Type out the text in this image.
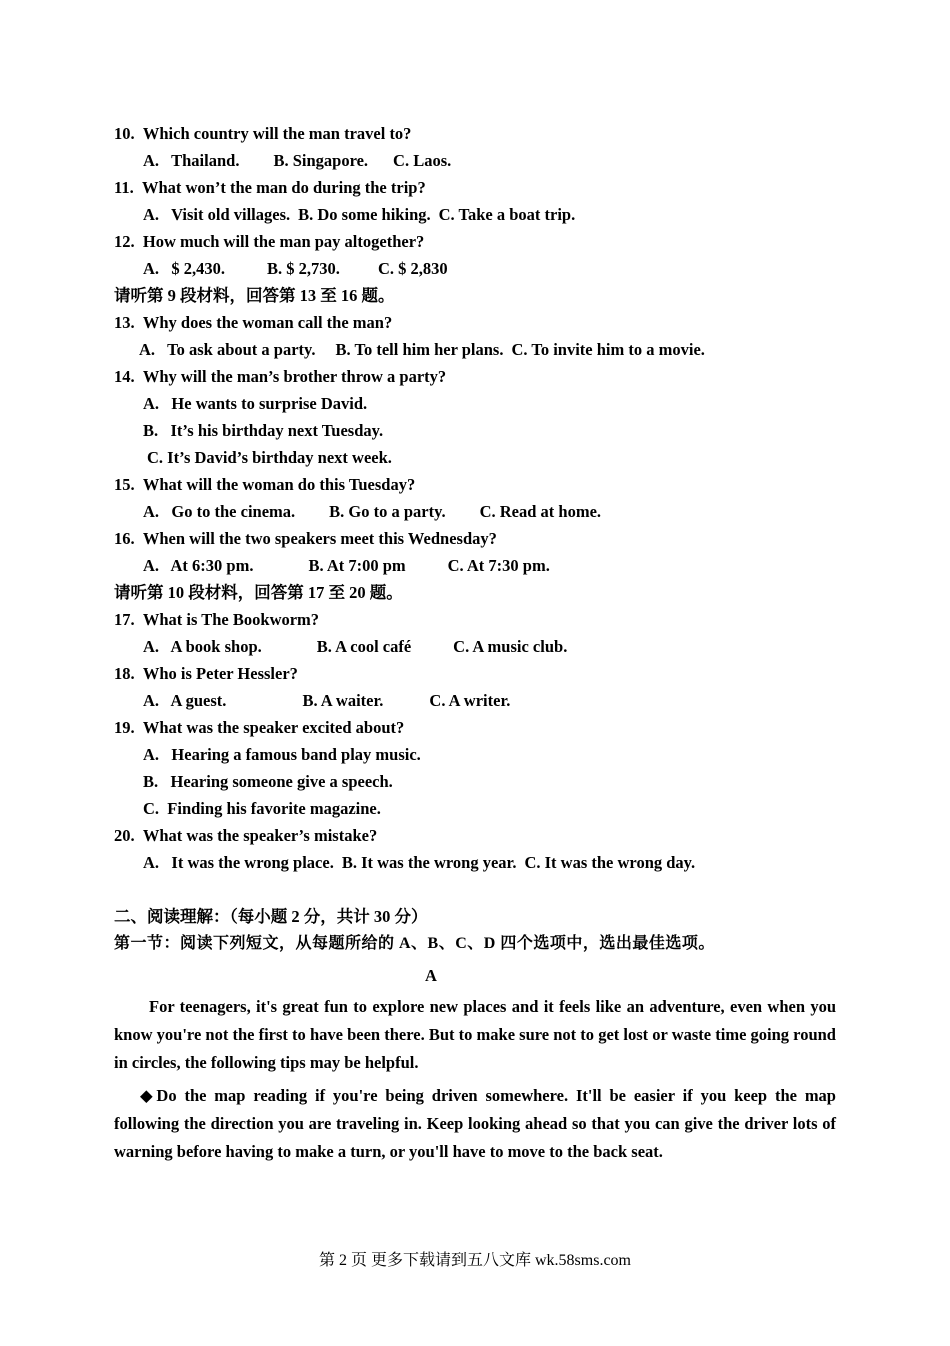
10. Which country will the man travel to?
A.   Thailand. B. Singapore. C. Laos.
11. What won’t the man do during the trip?
A.   Visit old villages. B. Do some hiking. C. Take a boat trip.
12. How much will the man pay altogether?
A.   $ 2,430.	B. $ 2,730. C. $ 2,830
请听第 9 段材料，回答第 13 至 16 题。
13. Why does the woman call the man?
A.   To ask about a party. B. To tell him her plans. C. To invite him to a movie.
14. Why will the man’s brother throw a party?
A.   He wants to surprise David.
B.   It’s his birthday next Tuesday.
C. It’s David’s birthday next week.
15. What will the woman do this Tuesday?
A.   Go to the cinema. B. Go to a party. C. Read at home.
16. When will the two speakers meet this Wednesday?
A.   At 6:30 pm.	B. At 7:00 pm	C. At 7:30 pm.
请听第 10 段材料，回答第 17 至 20 题。
17. What is The Bookworm?
A.   A book shop.	B. A cool café	C. A music club.
18. Who is Peter Hessler?
A.   A guest.	B. A waiter.	C. A writer.
19. What was the speaker excited about?
A.   Hearing a famous band play music.
B.   Hearing someone give a speech.
C.  Finding his favorite magazine.
20. What was the speaker’s mistake?
A.   It was the wrong place. B. It was the wrong year. C. It was the wrong day.
二、阅读理解：（每小题 2 分，共计 30 分）
第一节：阅读下列短文，从每题所给的 A、B、C、D 四个选项中，选出最佳选项。
A
For teenagers, it's great fun to explore new places and it feels like an adventure, even when you know you're not the first to have been there. But to make sure not to get lost or waste time going round in circles, the following tips may be helpful.
◆Do the map reading if you're being driven somewhere. It'll be easier if you keep the map following the direction you are traveling in. Keep looking ahead so that you can give the driver lots of warning before having to make a turn, or you'll have to move to the back seat.
第 2 页 更多下载请到五八文库 wk.58sms.com
